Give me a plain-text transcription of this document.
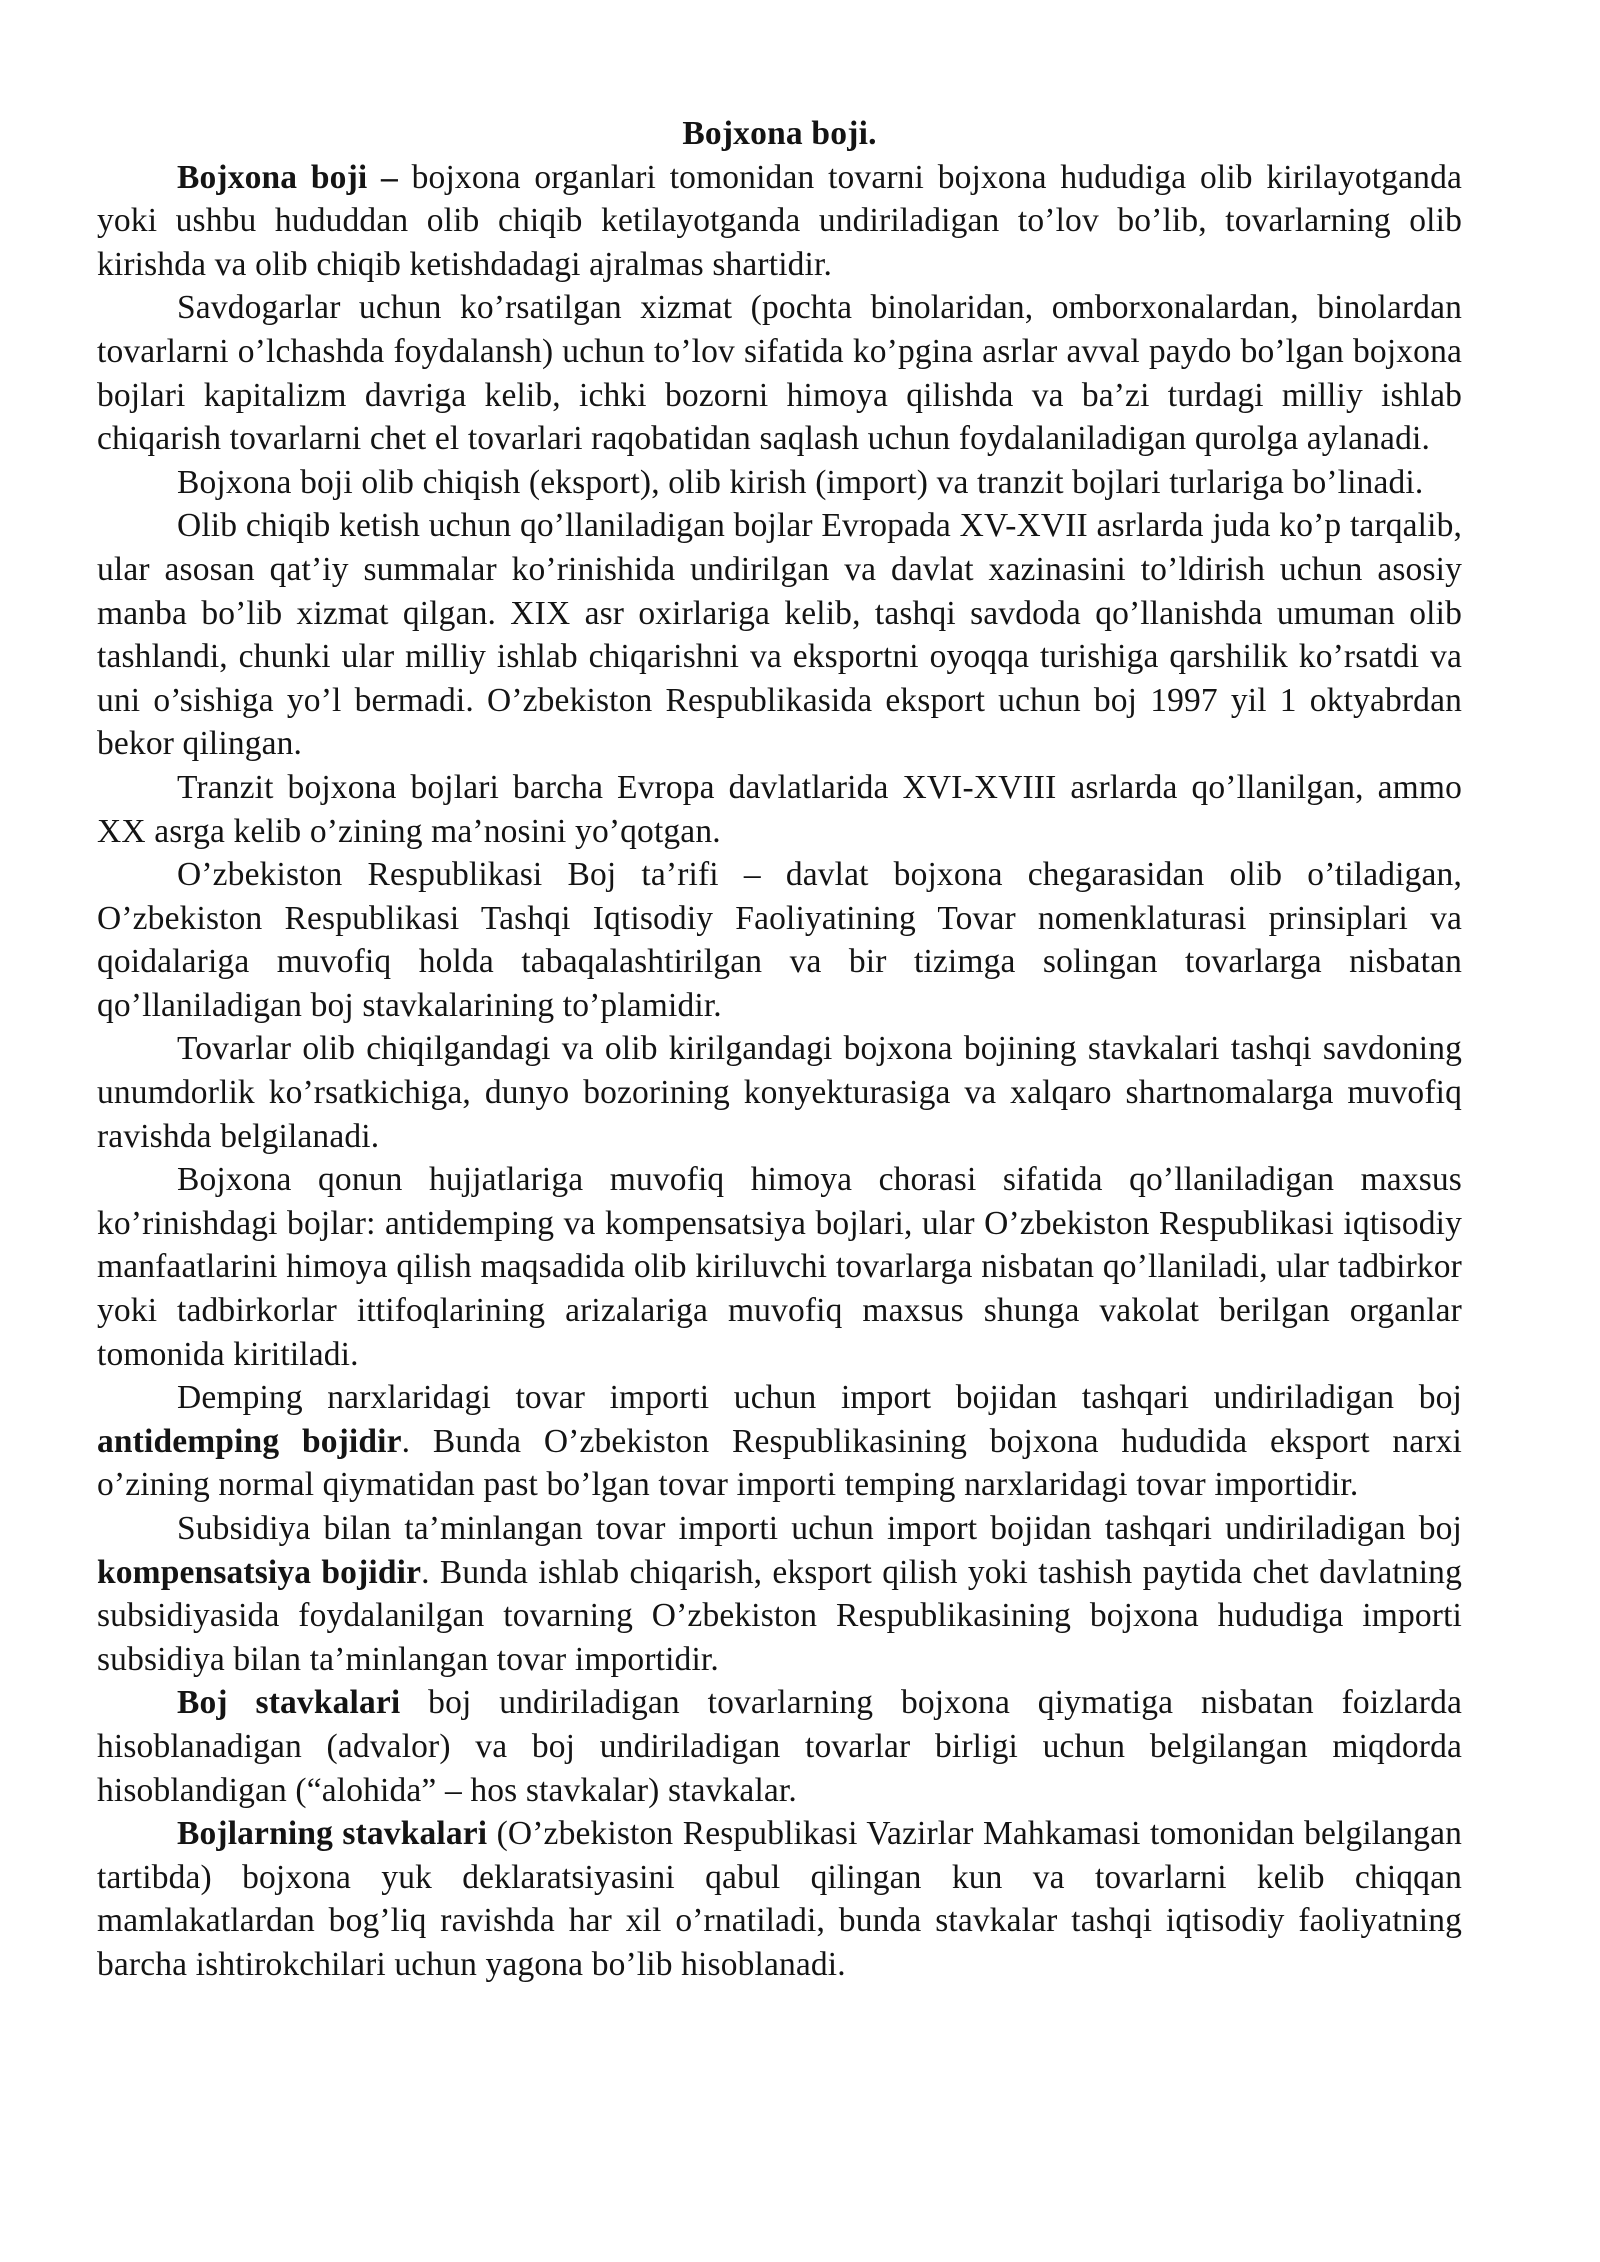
Bojxona boji.

Bojxona boji – bojxona organlari tomonidan tovarni bojxona hududiga olib kirilayotganda yoki ushbu hududdan olib chiqib ketilayotganda undiriladigan to’lov bo’lib, tovarlarning olib kirishda va olib chiqib ketishdadagi ajralmas shartidir.

Savdogarlar uchun ko’rsatilgan xizmat (pochta binolaridan, omborxonalardan, binolardan tovarlarni o’lchashda foydalansh) uchun to’lov sifatida ko’pgina asrlar avval paydo bo’lgan bojxona bojlari kapitalizm davriga kelib, ichki bozorni himoya qilishda va ba’zi turdagi milliy ishlab chiqarish tovarlarni chet el tovarlari raqobatidan saqlash uchun foydalaniladigan qurolga aylanadi.

Bojxona boji olib chiqish (eksport), olib kirish (import) va tranzit bojlari turlariga bo’linadi.

Olib chiqib ketish uchun qo’llaniladigan bojlar Evropada XV-XVII asrlarda juda ko’p tarqalib, ular asosan qat’iy summalar ko’rinishida undirilgan va davlat xazinasini to’ldirish uchun asosiy manba bo’lib xizmat qilgan. XIX asr oxirlariga kelib, tashqi savdoda qo’llanishda umuman olib tashlandi, chunki ular milliy ishlab chiqarishni va eksportni oyoqqa turishiga qarshilik ko’rsatdi va uni o’sishiga yo’l bermadi. O’zbekiston Respublikasida eksport uchun boj 1997 yil 1 oktyabrdan bekor qilingan.

Tranzit bojxona bojlari barcha Evropa davlatlarida XVI-XVIII asrlarda qo’llanilgan, ammo XX asrga kelib o’zining ma’nosini yo’qotgan.

O’zbekiston Respublikasi Boj ta’rifi – davlat bojxona chegarasidan olib o’tiladigan, O’zbekiston Respublikasi Tashqi Iqtisodiy Faoliyatining Tovar nomenklaturasi prinsiplari va qoidalariga muvofiq holda tabaqalashtirilgan va bir tizimga solingan tovarlarga nisbatan qo’llaniladigan boj stavkalarining to’plamidir.

Tovarlar olib chiqilgandagi va olib kirilgandagi bojxona bojining stavkalari tashqi savdoning unumdorlik ko’rsatkichiga, dunyo bozorining konyekturasiga va xalqaro shartnomalarga muvofiq ravishda belgilanadi.

Bojxona qonun hujjatlariga muvofiq himoya chorasi sifatida qo’llaniladigan maxsus ko’rinishdagi bojlar: antidemping va kompensatsiya bojlari, ular O’zbekiston Respublikasi iqtisodiy manfaatlarini himoya qilish maqsadida olib kiriluvchi tovarlarga nisbatan qo’llaniladi, ular tadbirkor yoki tadbirkorlar ittifoqlarining arizalariga muvofiq maxsus shunga vakolat berilgan organlar tomonida kiritiladi.

Demping narxlaridagi tovar importi uchun import bojidan tashqari undiriladigan boj antidemping bojidir. Bunda O’zbekiston Respublikasining bojxona hududida eksport narxi o’zining normal qiymatidan past bo’lgan tovar importi temping narxlaridagi tovar importidir.

Subsidiya bilan ta’minlangan tovar importi uchun import bojidan tashqari undiriladigan boj kompensatsiya bojidir. Bunda ishlab chiqarish, eksport qilish yoki tashish paytida chet davlatning subsidiyasida foydalanilgan tovarning O’zbekiston Respublikasining bojxona hududiga importi subsidiya bilan ta’minlangan tovar importidir.

Boj stavkalari boj undiriladigan tovarlarning bojxona qiymatiga nisbatan foizlarda hisoblanadigan (advalor) va boj undiriladigan tovarlar birligi uchun belgilangan miqdorda hisoblandigan (“alohida” – hos stavkalar) stavkalar.

Bojlarning stavkalari (O’zbekiston Respublikasi Vazirlar Mahkamasi tomonidan belgilangan tartibda) bojxona yuk deklaratsiyasini qabul qilingan kun va tovarlarni kelib chiqqan mamlakatlardan bog’liq ravishda har xil o’rnatiladi, bunda stavkalar tashqi iqtisodiy faoliyatning barcha ishtirokchilari uchun yagona bo’lib hisoblanadi.
